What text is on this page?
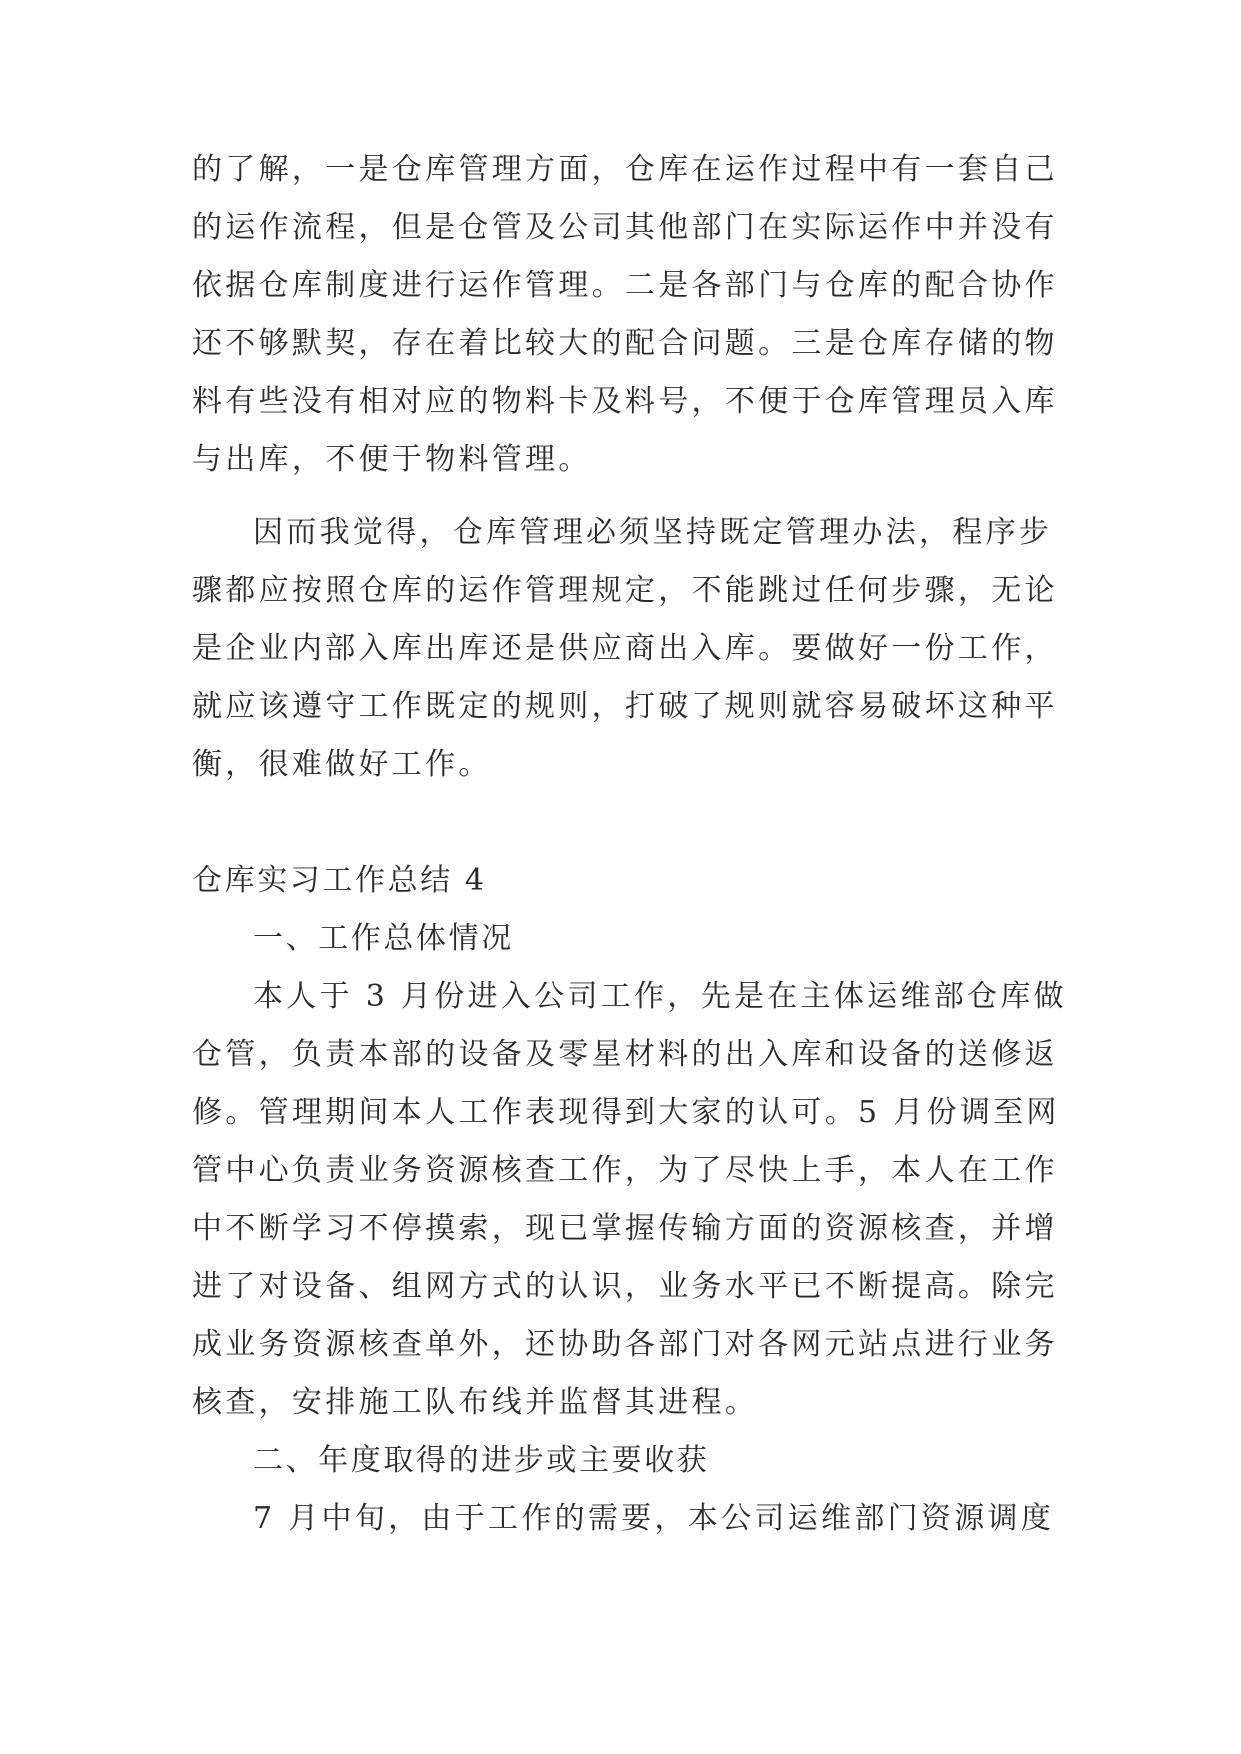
的了解，一是仓库管理方面，仓库在运作过程中有一套自己
的运作流程，但是仓管及公司其他部门在实际运作中并没有
依据仓库制度进行运作管理。二是各部门与仓库的配合协作
还不够默契，存在着比较大的配合问题。三是仓库存储的物
料有些没有相对应的物料卡及料号，不便于仓库管理员入库
与出库，不便于物料管理。
因而我觉得，仓库管理必须坚持既定管理办法，程序步
骤都应按照仓库的运作管理规定，不能跳过任何步骤，无论
是企业内部入库出库还是供应商出入库。要做好一份工作，
就应该遵守工作既定的规则，打破了规则就容易破坏这种平
衡，很难做好工作。
仓库实习工作总结 4
一、工作总体情况
本人于 3 月份进入公司工作，先是在主体运维部仓库做
仓管，负责本部的设备及零星材料的出入库和设备的送修返
修。管理期间本人工作表现得到大家的认可。5 月份调至网
管中心负责业务资源核查工作，为了尽快上手，本人在工作
中不断学习不停摸索，现已掌握传输方面的资源核查，并增
进了对设备、组网方式的认识，业务水平已不断提高。除完
成业务资源核查单外，还协助各部门对各网元站点进行业务
核查，安排施工队布线并监督其进程。
二、年度取得的进步或主要收获
7 月中旬，由于工作的需要，本公司运维部门资源调度
